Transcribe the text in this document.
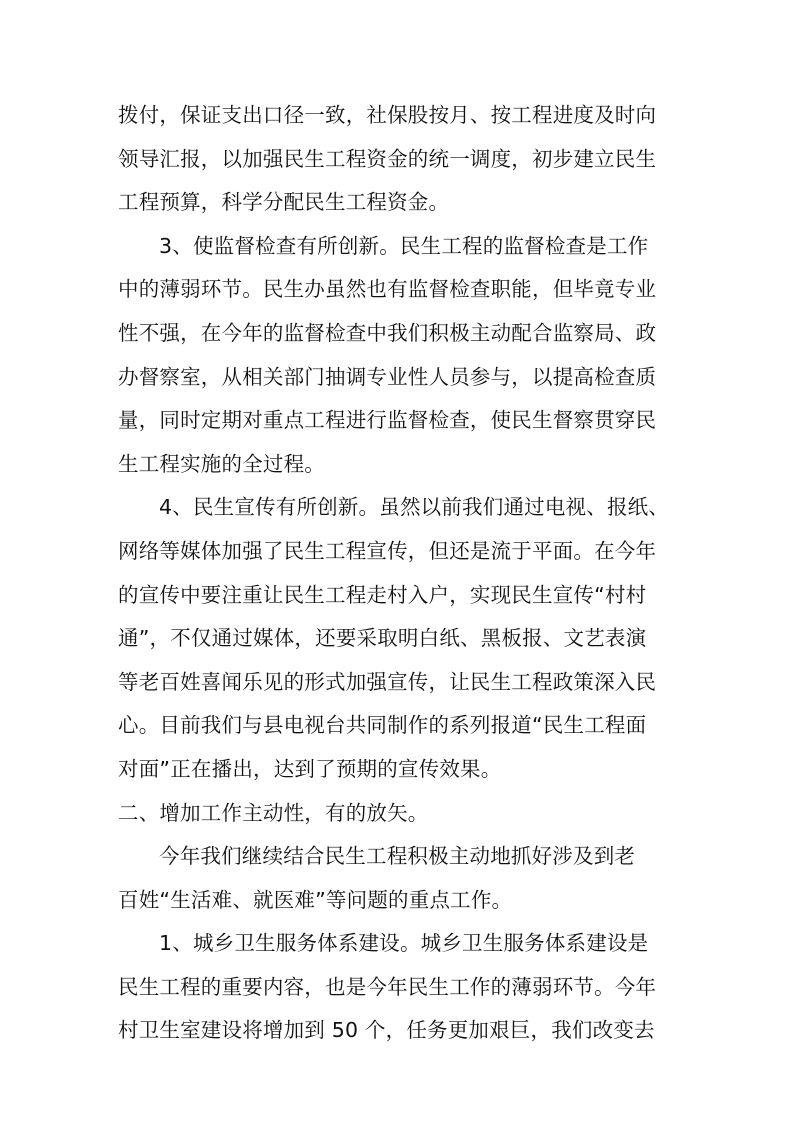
拨付，保证支出口径一致，社保股按月、按工程进度及时向
领导汇报，以加强民生工程资金的统一调度，初步建立民生
工程预算，科学分配民生工程资金。
3、使监督检查有所创新。民生工程的监督检查是工作
中的薄弱环节。民生办虽然也有监督检查职能，但毕竟专业
性不强，在今年的监督检查中我们积极主动配合监察局、政
办督察室，从相关部门抽调专业性人员参与，以提高检查质
量，同时定期对重点工程进行监督检查，使民生督察贯穿民
生工程实施的全过程。
4、民生宣传有所创新。虽然以前我们通过电视、报纸、
网络等媒体加强了民生工程宣传，但还是流于平面。在今年
的宣传中要注重让民生工程走村入户，实现民生宣传“村村
通”，不仅通过媒体，还要采取明白纸、黑板报、文艺表演
等老百姓喜闻乐见的形式加强宣传，让民生工程政策深入民
心。目前我们与县电视台共同制作的系列报道“民生工程面
对面”正在播出，达到了预期的宣传效果。
二、增加工作主动性，有的放矢。
今年我们继续结合民生工程积极主动地抓好涉及到老
百姓“生活难、就医难”等问题的重点工作。
1、城乡卫生服务体系建设。城乡卫生服务体系建设是
民生工程的重要内容，也是今年民生工作的薄弱环节。今年
村卫生室建设将增加到 50 个，任务更加艰巨，我们改变去
